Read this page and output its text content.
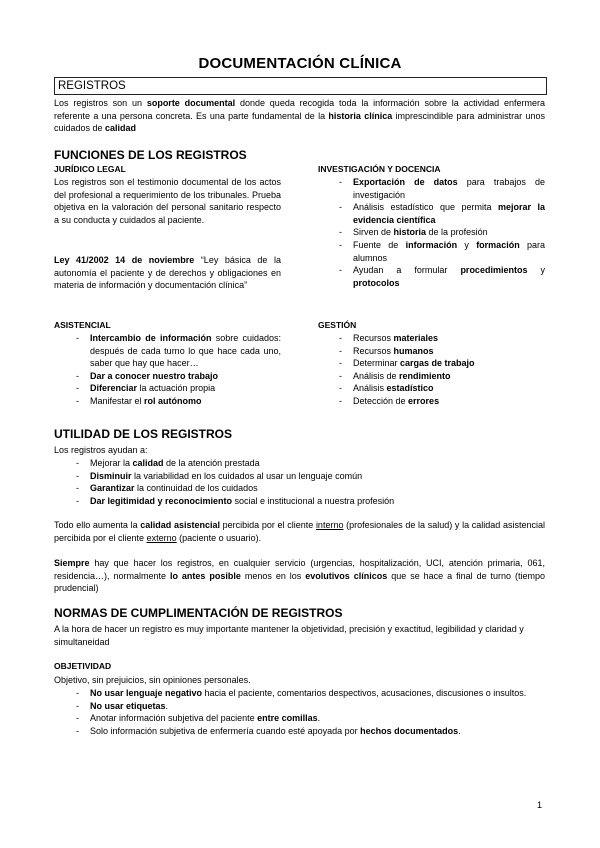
DOCUMENTACIÓN CLÍNICA
REGISTROS
Los registros son un soporte documental donde queda recogida toda la información sobre la actividad enfermera referente a una persona concreta. Es una parte fundamental de la historia clínica imprescindible para administrar unos cuidados de calidad
FUNCIONES DE LOS REGISTROS
JURÍDICO LEGAL
Los registros son el testimonio documental de los actos del profesional a requerimiento de los tribunales. Prueba objetiva en la valoración del personal sanitario respecto a su conducta y cuidados al paciente.
Ley 41/2002 14 de noviembre “Ley básica de la autonomía el paciente y de derechos y obligaciones en materia de información y documentación clínica”
INVESTIGACIÓN Y DOCENCIA
- Exportación de datos para trabajos de investigación
- Análisis estadístico que permita mejorar la evidencia científica
- Sirven de historia de la profesión
- Fuente de información y formación para alumnos
- Ayudan a formular procedimientos y protocolos
ASISTENCIAL
- Intercambio de información sobre cuidados: después de cada turno lo que hace cada uno, saber que hay que hacer…
- Dar a conocer nuestro trabajo
- Diferenciar la actuación propia
- Manifestar el rol autónomo
GESTIÓN
- Recursos materiales
- Recursos humanos
- Determinar cargas de trabajo
- Análisis de rendimiento
- Análisis estadístico
- Detección de errores
UTILIDAD DE LOS REGISTROS
Los registros ayudan a:
- Mejorar la calidad de la atención prestada
- Disminuir la variabilidad en los cuidados al usar un lenguaje común
- Garantizar la continuidad de los cuidados
- Dar legitimidad y reconocimiento social e institucional a nuestra profesión
Todo ello aumenta la calidad asistencial percibida por el cliente interno (profesionales de la salud) y la calidad asistencial percibida por el cliente externo (paciente o usuario).
Siempre hay que hacer los registros, en cualquier servicio (urgencias, hospitalización, UCI, atención primaria, 061, residencia…), normalmente lo antes posible menos en los evolutivos clínicos que se hace a final de turno (tiempo prudencial)
NORMAS DE CUMPLIMENTACIÓN DE REGISTROS
A la hora de hacer un registro es muy importante mantener la objetividad, precisión y exactitud, legibilidad y claridad y simultaneidad
OBJETIVIDAD
Objetivo, sin prejuicios, sin opiniones personales.
- No usar lenguaje negativo hacia el paciente, comentarios despectivos, acusaciones, discusiones o insultos.
- No usar etiquetas.
- Anotar información subjetiva del paciente entre comillas.
- Solo información subjetiva de enfermería cuando esté apoyada por hechos documentados.
1
